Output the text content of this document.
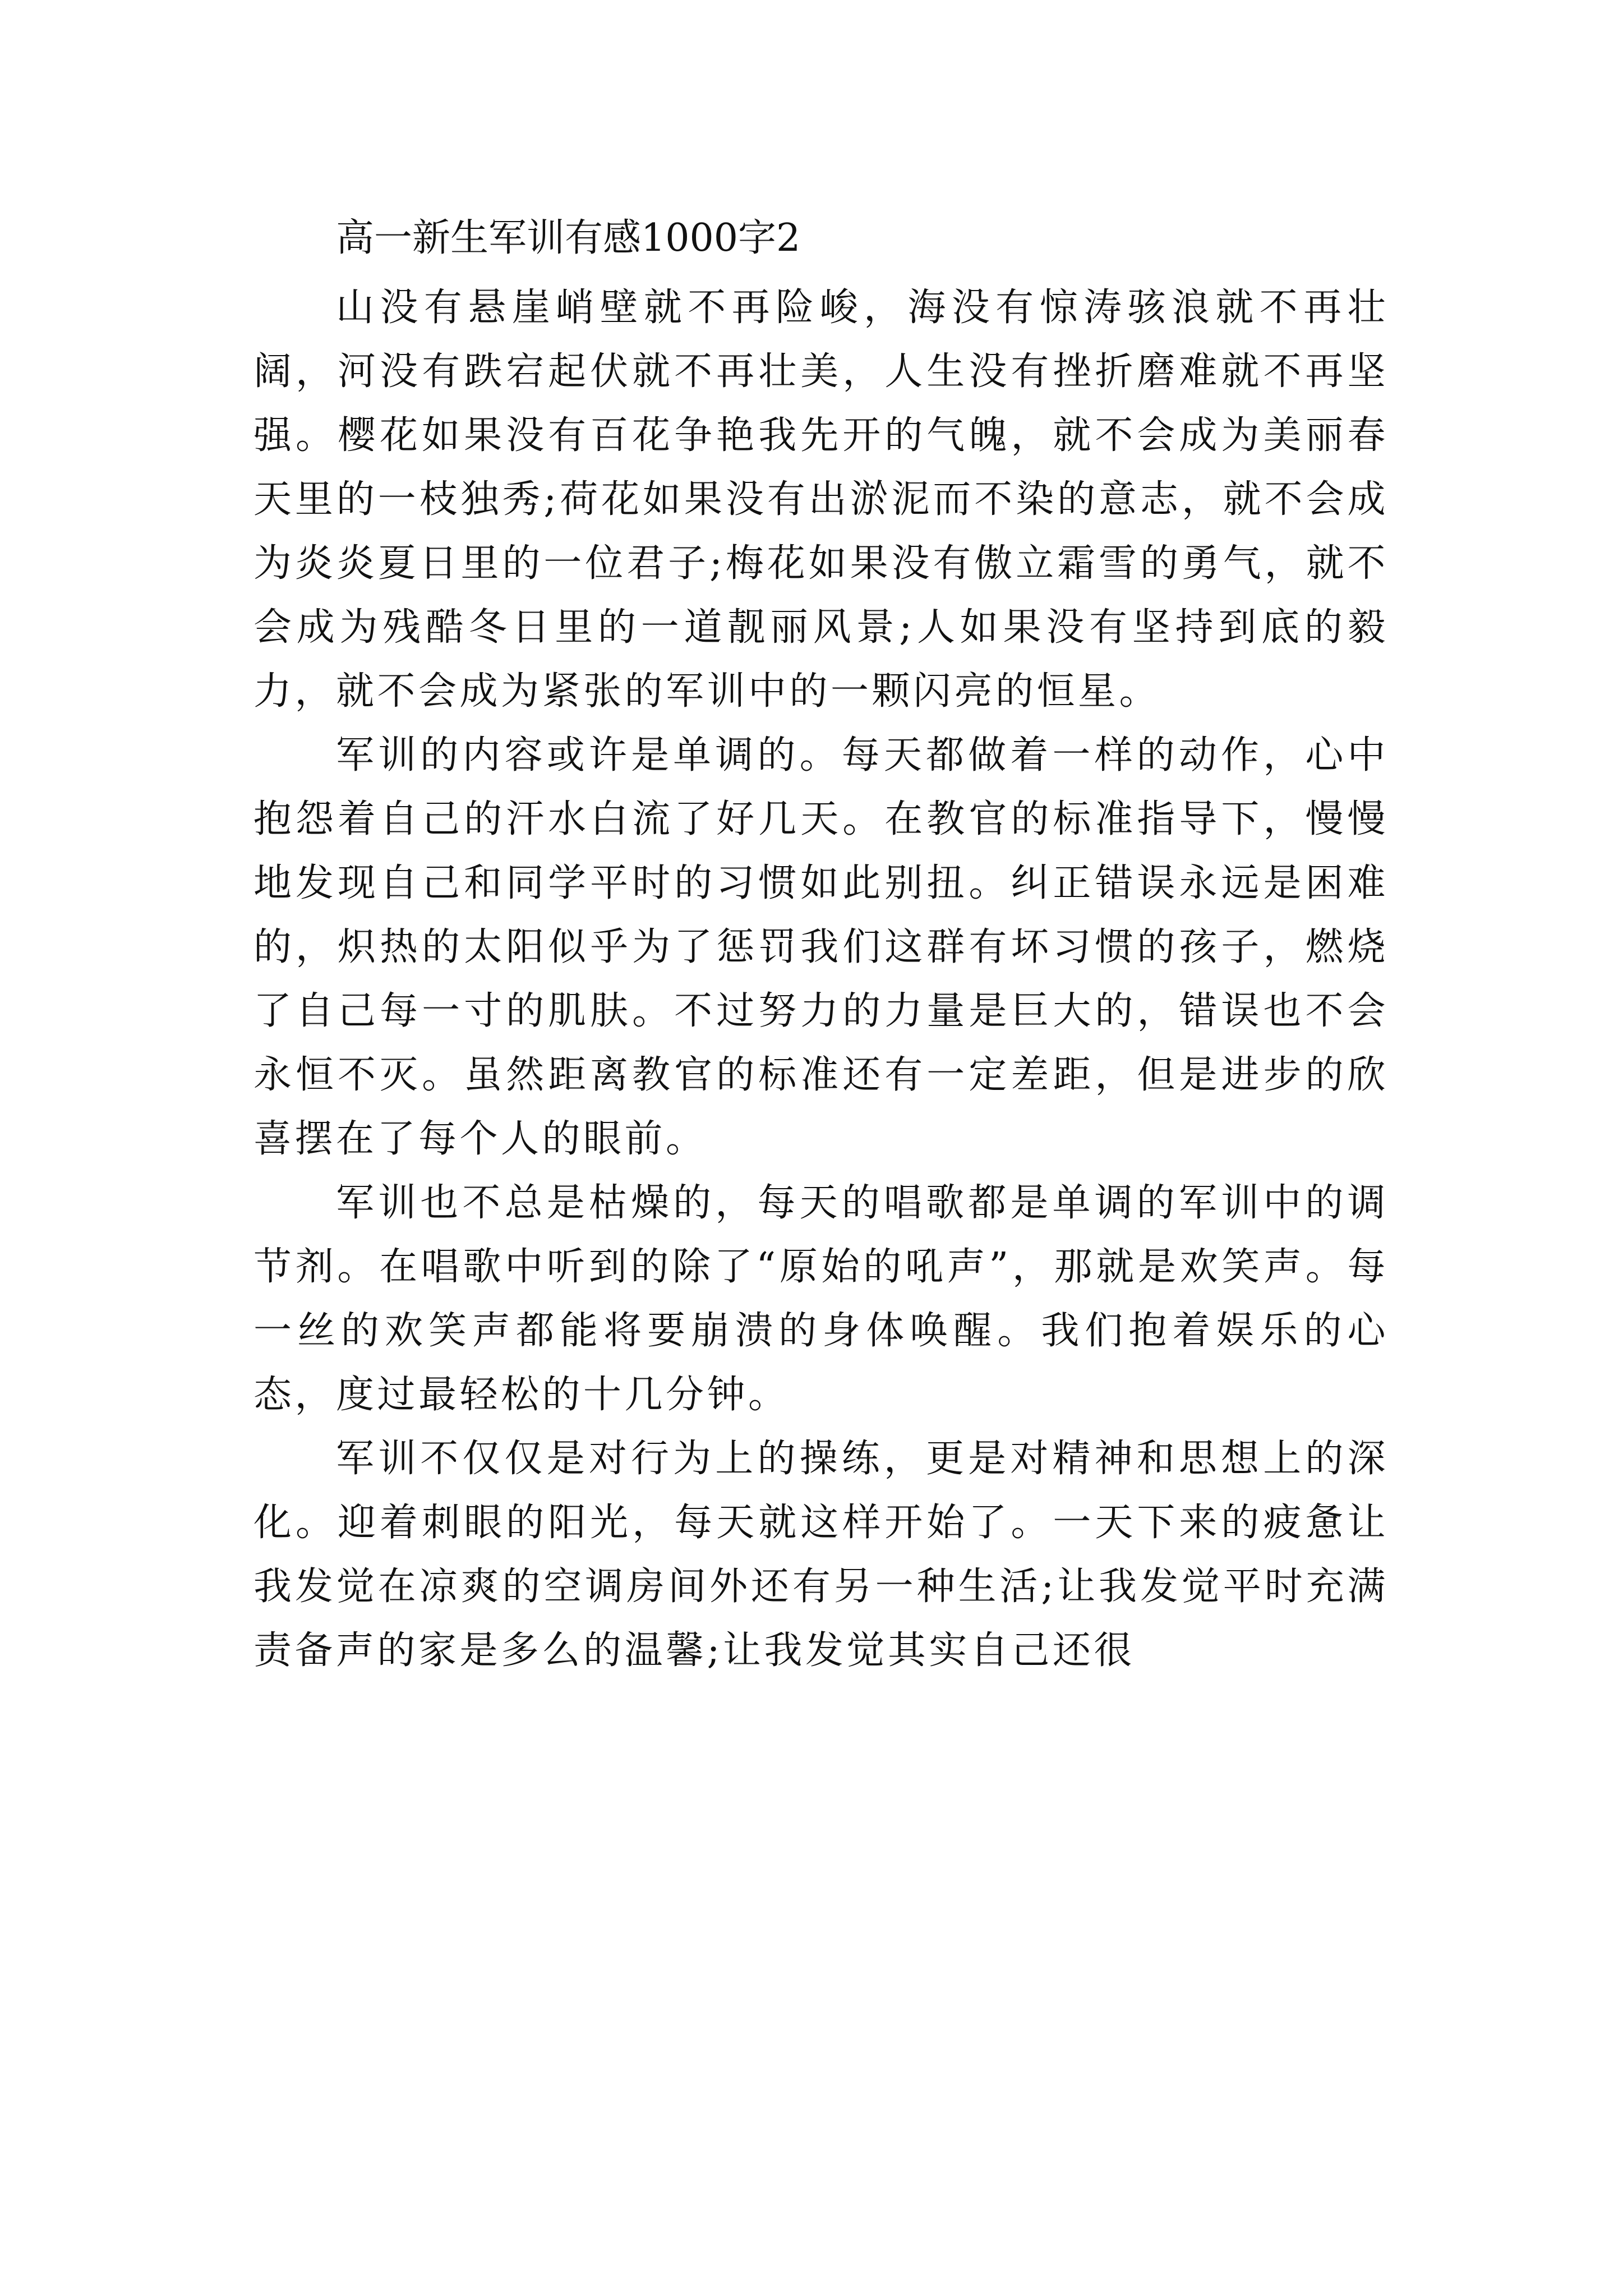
高一新生军训有感1000字2

山没有悬崖峭壁就不再险峻，海没有惊涛骇浪就不再壮阔，河没有跌宕起伏就不再壮美，人生没有挫折磨难就不再坚强。樱花如果没有百花争艳我先开的气魄，就不会成为美丽春天里的一枝独秀;荷花如果没有出淤泥而不染的意志，就不会成为炎炎夏日里的一位君子;梅花如果没有傲立霜雪的勇气，就不会成为残酷冬日里的一道靓丽风景;人如果没有坚持到底的毅力，就不会成为紧张的军训中的一颗闪亮的恒星。

军训的内容或许是单调的。每天都做着一样的动作，心中抱怨着自己的汗水白流了好几天。在教官的标准指导下，慢慢地发现自己和同学平时的习惯如此别扭。纠正错误永远是困难的，炽热的太阳似乎为了惩罚我们这群有坏习惯的孩子，燃烧了自己每一寸的肌肤。不过努力的力量是巨大的，错误也不会永恒不灭。虽然距离教官的标准还有一定差距，但是进步的欣喜摆在了每个人的眼前。

军训也不总是枯燥的，每天的唱歌都是单调的军训中的调节剂。在唱歌中听到的除了“原始的吼声”，那就是欢笑声。每一丝的欢笑声都能将要崩溃的身体唤醒。我们抱着娱乐的心态，度过最轻松的十几分钟。

军训不仅仅是对行为上的操练，更是对精神和思想上的深化。迎着刺眼的阳光，每天就这样开始了。一天下来的疲惫让我发觉在凉爽的空调房间外还有另一种生活;让我发觉平时充满责备声的家是多么的温馨;让我发觉其实自己还很
